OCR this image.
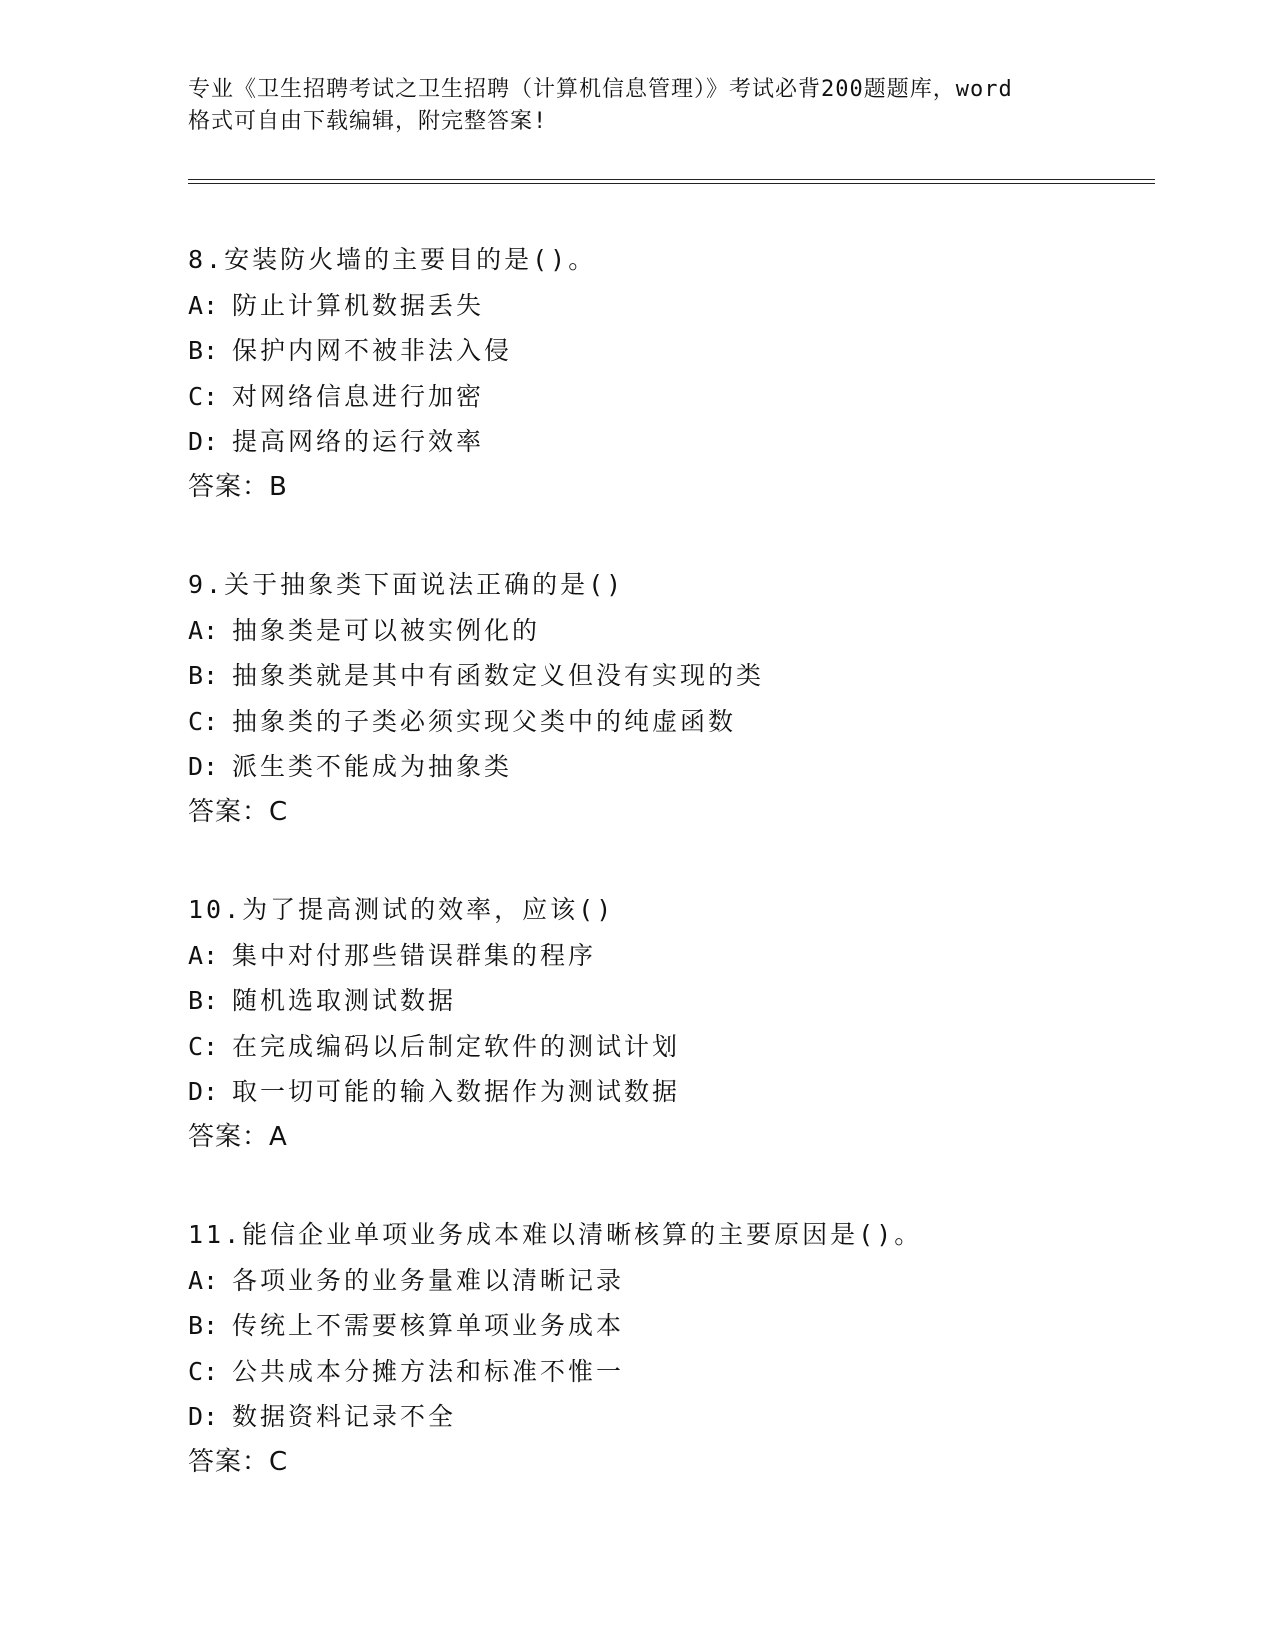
专业《卫生招聘考试之卫生招聘（计算机信息管理）》考试必背200题题库，word
格式可自由下载编辑，附完整答案!
8.安装防火墙的主要目的是()。
A: 防止计算机数据丢失
B: 保护内网不被非法入侵
C: 对网络信息进行加密
D: 提高网络的运行效率
答案：B
9.关于抽象类下面说法正确的是()
A: 抽象类是可以被实例化的
B: 抽象类就是其中有函数定义但没有实现的类
C: 抽象类的子类必须实现父类中的纯虚函数
D: 派生类不能成为抽象类
答案：C
10.为了提高测试的效率，应该()
A: 集中对付那些错误群集的程序
B: 随机选取测试数据
C: 在完成编码以后制定软件的测试计划
D: 取一切可能的输入数据作为测试数据
答案：A
11.能信企业单项业务成本难以清晰核算的主要原因是()。
A: 各项业务的业务量难以清晰记录
B: 传统上不需要核算单项业务成本
C: 公共成本分摊方法和标准不惟一
D: 数据资料记录不全
答案：C
